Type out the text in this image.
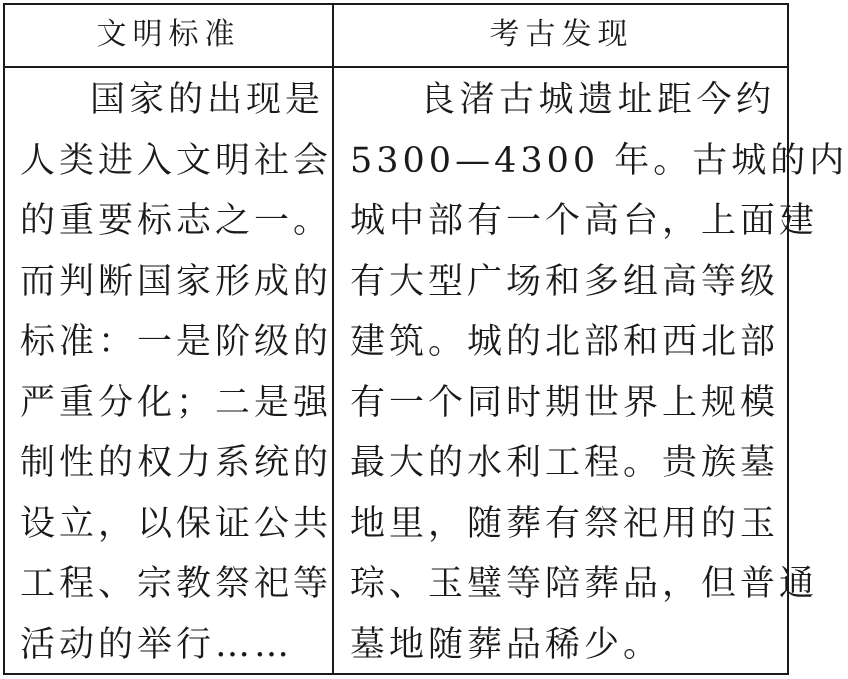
文明标准	考古发现
国家的出现是
人类进入文明社会
的重要标志之一。
而判断国家形成的
标准：一是阶级的
严重分化；二是强
制性的权力系统的
设立，以保证公共
工程、宗教祭祀等
活动的举行……
良渚古城遗址距今约
5300—4300 年。古城的内
城中部有一个高台，上面建
有大型广场和多组高等级
建筑。城的北部和西北部
有一个同时期世界上规模
最大的水利工程。贵族墓
地里，随葬有祭祀用的玉
琮、玉璧等陪葬品，但普通
墓地随葬品稀少。
